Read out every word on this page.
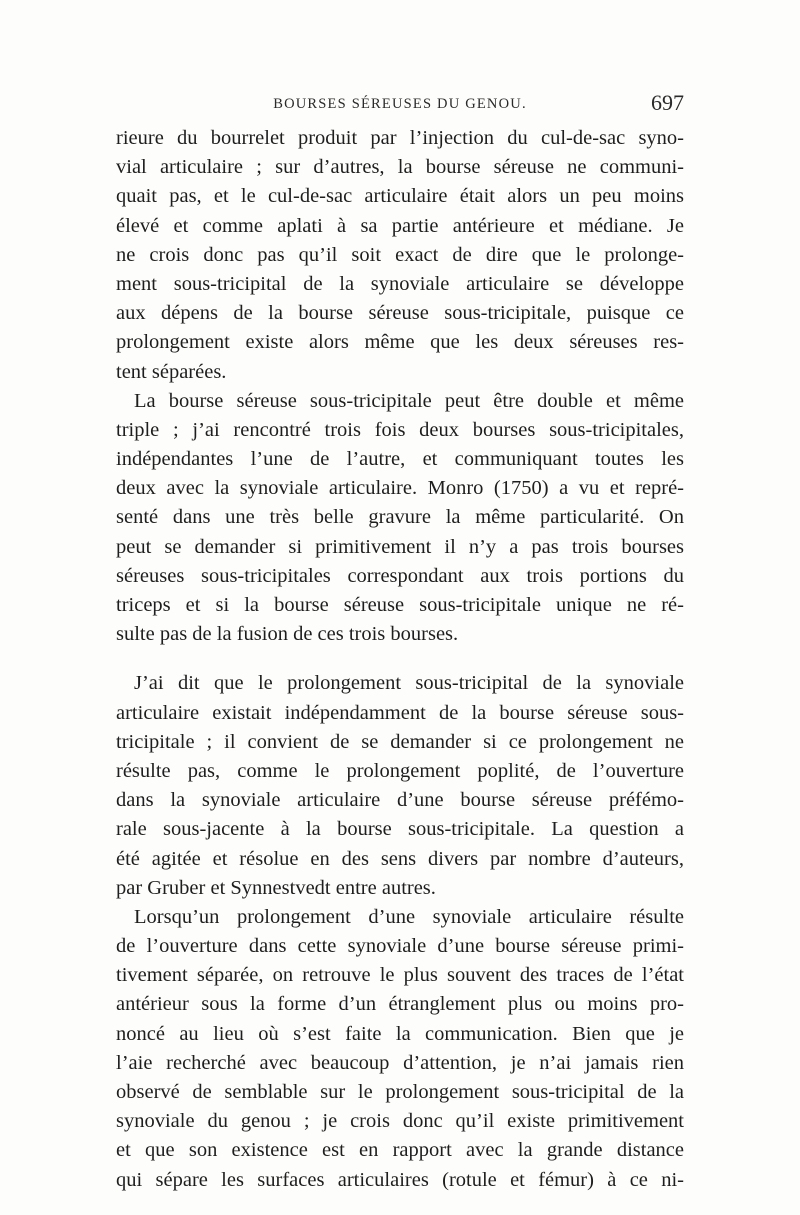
BOURSES SÉREUSES DU GENOU.	697
rieure du bourrelet produit par l’injection du cul-de-sac syno-
vial articulaire ; sur d’autres, la bourse séreuse ne communi-
quait pas, et le cul-de-sac articulaire était alors un peu moins
élevé et comme aplati à sa partie antérieure et médiane. Je
ne crois donc pas qu’il soit exact de dire que le prolonge-
ment sous-tricipital de la synoviale articulaire se développe
aux dépens de la bourse séreuse sous-tricipitale, puisque ce
prolongement existe alors même que les deux séreuses res-
tent séparées.
La bourse séreuse sous-tricipitale peut être double et même
triple ; j’ai rencontré trois fois deux bourses sous-tricipitales,
indépendantes l’une de l’autre, et communiquant toutes les
deux avec la synoviale articulaire. Monro (1750) a vu et repré-
senté dans une très belle gravure la même particularité. On
peut se demander si primitivement il n’y a pas trois bourses
séreuses sous-tricipitales correspondant aux trois portions du
triceps et si la bourse séreuse sous-tricipitale unique ne ré-
sulte pas de la fusion de ces trois bourses.
J’ai dit que le prolongement sous-tricipital de la synoviale
articulaire existait indépendamment de la bourse séreuse sous-
tricipitale ; il convient de se demander si ce prolongement ne
résulte pas, comme le prolongement poplité, de l’ouverture
dans la synoviale articulaire d’une bourse séreuse préfémo-
rale sous-jacente à la bourse sous-tricipitale. La question a
été agitée et résolue en des sens divers par nombre d’auteurs,
par Gruber et Synnestvedt entre autres.
Lorsqu’un prolongement d’une synoviale articulaire résulte
de l’ouverture dans cette synoviale d’une bourse séreuse primi-
tivement séparée, on retrouve le plus souvent des traces de l’état
antérieur sous la forme d’un étranglement plus ou moins pro-
noncé au lieu où s’est faite la communication. Bien que je
l’aie recherché avec beaucoup d’attention, je n’ai jamais rien
observé de semblable sur le prolongement sous-tricipital de la
synoviale du genou ; je crois donc qu’il existe primitivement
et que son existence est en rapport avec la grande distance
qui sépare les surfaces articulaires (rotule et fémur) à ce ni-
